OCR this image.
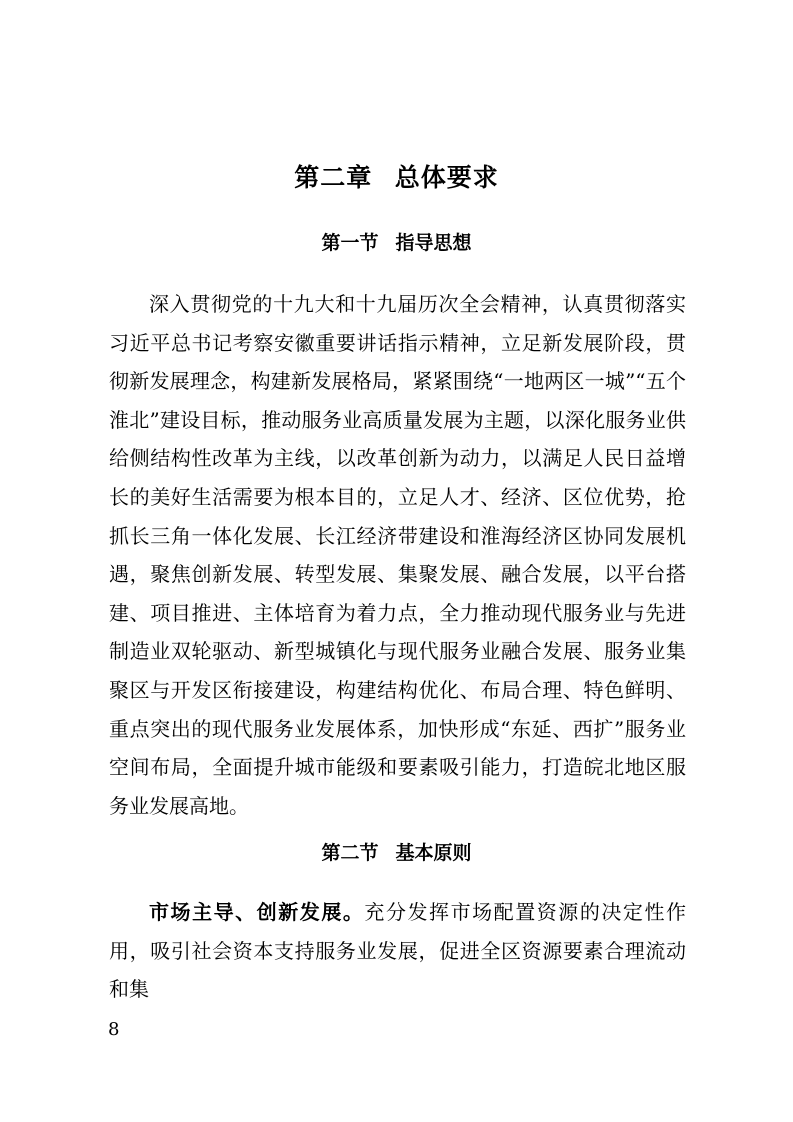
第二章 总体要求
第一节 指导思想

深入贯彻党的十九大和十九届历次全会精神，认真贯彻落实习近平总书记考察安徽重要讲话指示精神，立足新发展阶段，贯彻新发展理念，构建新发展格局，紧紧围绕“一地两区一城”“五个淮北”建设目标，推动服务业高质量发展为主题，以深化服务业供给侧结构性改革为主线，以改革创新为动力，以满足人民日益增长的美好生活需要为根本目的，立足人才、经济、区位优势，抢抓长三角一体化发展、长江经济带建设和淮海经济区协同发展机遇，聚焦创新发展、转型发展、集聚发展、融合发展，以平台搭建、项目推进、主体培育为着力点，全力推动现代服务业与先进制造业双轮驱动、新型城镇化与现代服务业融合发展、服务业集聚区与开发区衔接建设，构建结构优化、布局合理、特色鲜明、重点突出的现代服务业发展体系，加快形成“东延、西扩”服务业空间布局，全面提升城市能级和要素吸引能力，打造皖北地区服务业发展高地。

第二节 基本原则

市场主导、创新发展。充分发挥市场配置资源的决定性作用，吸引社会资本支持服务业发展，促进全区资源要素合理流动和集

8
